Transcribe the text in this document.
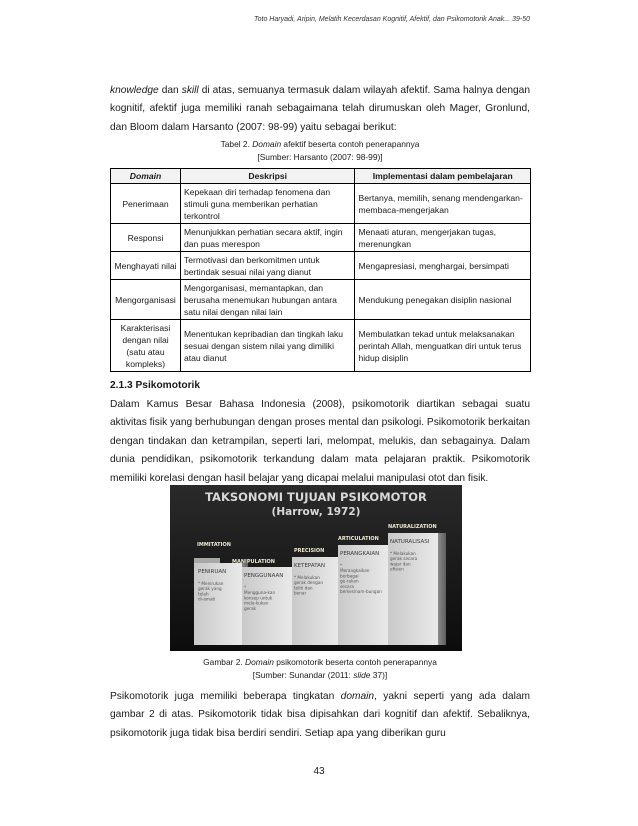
Toto Haryadi, Aripin, Melatih Kecerdasan Kognitif, Afektif, dan Psikomotorik Anak... 39-50
knowledge dan skill di atas, semuanya termasuk dalam wilayah afektif. Sama halnya dengan kognitif, afektif juga memiliki ranah sebagaimana telah dirumuskan oleh Mager, Gronlund, dan Bloom dalam Harsanto (2007: 98-99) yaitu sebagai berikut:
Tabel 2. Domain afektif beserta contoh penerapannya
[Sumber: Harsanto (2007: 98-99)]
Domain	Deskripsi	Implementasi dalam pembelajaran
Penerimaan	Kepekaan diri terhadap fenomena dan stimuli guna memberikan perhatian terkontrol	Bertanya, memilih, senang mendengarkan-membaca-mengerjakan
Responsi	Menunjukkan perhatian secara aktif, ingin dan puas merespon	Menaati aturan, mengerjakan tugas, merenungkan
Menghayati nilai	Termotivasi dan berkomitmen untuk bertindak sesuai nilai yang dianut	Mengapresiasi, menghargai, bersimpati
Mengorganisasi	Mengorganisasi, memantapkan, dan berusaha menemukan hubungan antara satu nilai dengan nilai lain	Mendukung penegakan disiplin nasional
Karakterisasi dengan nilai (satu atau kompleks)	Menentukan kepribadian dan tingkah laku sesuai dengan sistem nilai yang dimiliki atau dianut	Membulatkan tekad untuk melaksanakan perintah Allah, menguatkan diri untuk terus hidup disiplin
2.1.3 Psikomotorik
Dalam Kamus Besar Bahasa Indonesia (2008), psikomotorik diartikan sebagai suatu aktivitas fisik yang berhubungan dengan proses mental dan psikologi. Psikomotorik berkaitan dengan tindakan dan ketrampilan, seperti lari, melompat, melukis, dan sebagainya. Dalam dunia pendidikan, psikomotorik terkandung dalam mata pelajaran praktik. Psikomotorik memiliki korelasi dengan hasil belajar yang dicapai melalui manipulasi otot dan fisik.
TAKSONOMI TUJUAN PSIKOMOTOR
(Harrow, 1972)
IMMITATION
PENIRUAN
* Menirukan gerak yang telah di-amati
MANIPULATION
PENGGUNAAN
* Mengguna-kan konsep untuk mela-kukan gerak
PRECISION
KETEPATAN
* Melakukan gerak dengan teliti dan benar
ARTICULATION
PERANGKAIAN
* Merangkaikan berbagai ge-rakan secara berkesinam-bungan
NATURALIZATION
NATURALISASI
* Melakukan gerak secara wajar dan efisien
Gambar 2. Domain psikomotorik beserta contoh penerapannya
[Sumber: Sunandar (2011: slide 37)]
Psikomotorik juga memiliki beberapa tingkatan domain, yakni seperti yang ada dalam gambar 2 di atas. Psikomotorik tidak bisa dipisahkan dari kognitif dan afektif. Sebaliknya, psikomotorik juga tidak bisa berdiri sendiri. Setiap apa yang diberikan guru
43
